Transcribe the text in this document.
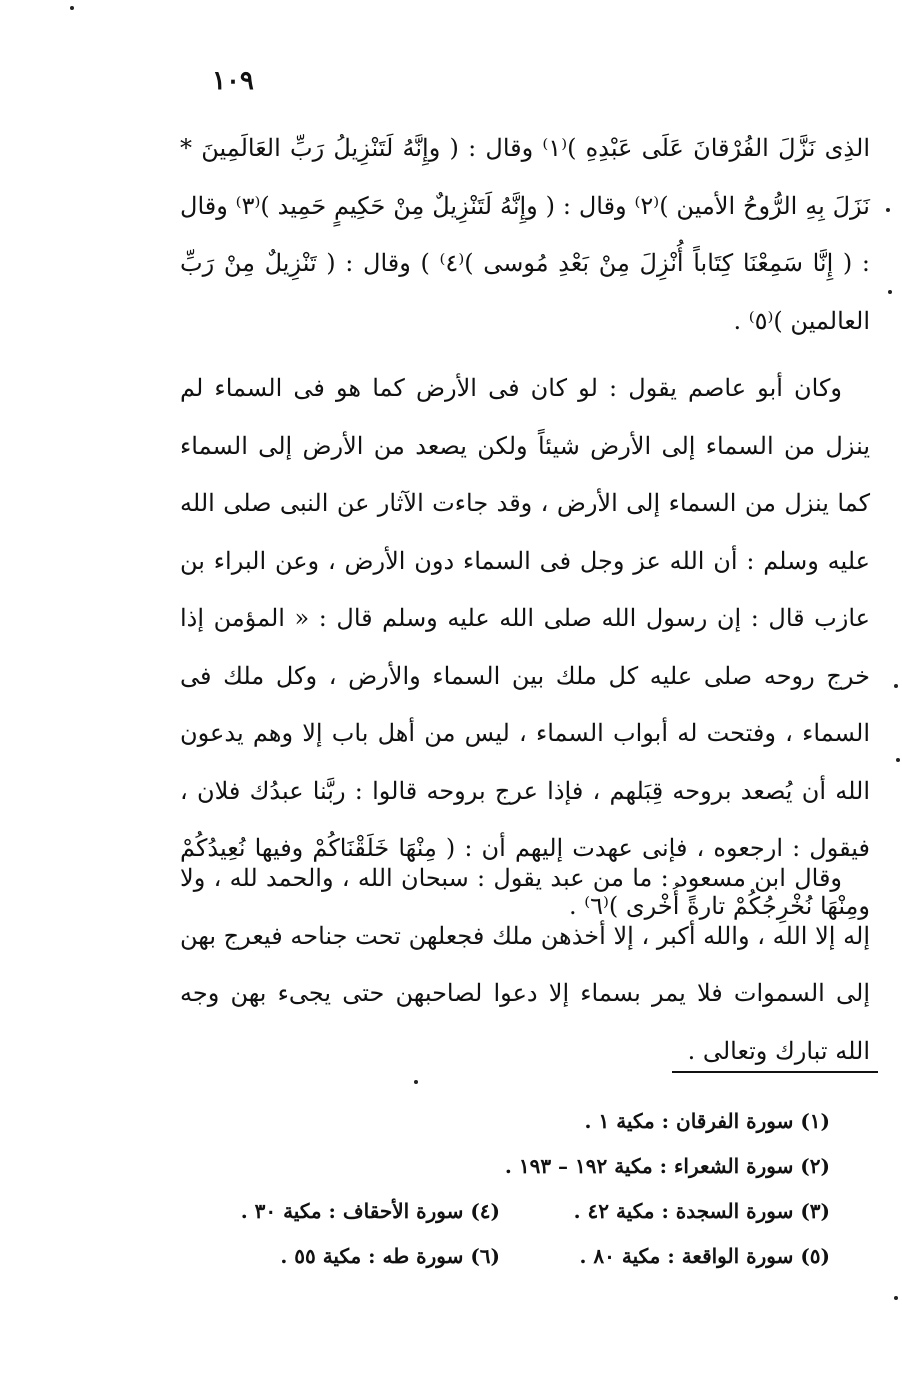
١٠٩

الذِى نَزَّلَ الفُرْقانَ عَلَى عَبْدِهِ )⁽١⁾ وقال : ( وإِنَّهُ لَتَنْزِيلُ رَبِّ العَالَمِينَ * نَزَلَ بِهِ الرُّوحُ الأمين )⁽٢⁾ وقال : ( وإِنَّهُ لَتَنْزِيلٌ مِنْ حَكِيمٍ حَمِيد )⁽٣⁾ وقال : ( إِنَّا سَمِعْنَا كِتَاباً أُنْزِلَ مِنْ بَعْدِ مُوسى )⁽٤⁾ ) وقال : ( تَنْزِيلٌ مِنْ رَبِّ العالمين )⁽٥⁾ .

وكان أبو عاصم يقول : لو كان فى الأرض كما هو فى السماء لم ينزل من السماء إلى الأرض شيئاً ولكن يصعد من الأرض إلى السماء كما ينزل من السماء إلى الأرض ، وقد جاءت الآثار عن النبى صلى الله عليه وسلم : أن الله عز وجل فى السماء دون الأرض ، وعن البراء بن عازب قال : إن رسول الله صلى الله عليه وسلم قال : « المؤمن إذا خرج روحه صلى عليه كل ملك بين السماء والأرض ، وكل ملك فى السماء ، وفتحت له أبواب السماء ، ليس من أهل باب إلا وهم يدعون الله أن يُصعد بروحه قِبَلهم ، فإذا عرج بروحه قالوا : ربَّنا عبدُك فلان ، فيقول : ارجعوه ، فإنى عهدت إليهم أن : ( مِنْهَا خَلَقْنَاكُمْ وفيها نُعِيدُكُمْ ومِنْهَا نُخْرِجُكُمْ تارةً أُخْرى )⁽٦⁾ .

وقال ابن مسعود : ما من عبد يقول : سبحان الله ، والحمد لله ، ولا إله إلا الله ، والله أكبر ، إلا أخذهن ملك فجعلهن تحت جناحه فيعرج بهن إلى السموات فلا يمر بسماء إلا دعوا لصاحبهن حتى يجىء بهن وجه الله تبارك وتعالى .

(١) سورة الفرقان : مكية ١ .
(٢) سورة الشعراء : مكية ١٩٢ – ١٩٣ .
(٣) سورة السجدة : مكية ٤٢ .
(٤) سورة الأحقاف : مكية ٣٠ .
(٥) سورة الواقعة : مكية ٨٠ .
(٦) سورة طه : مكية ٥٥ .
